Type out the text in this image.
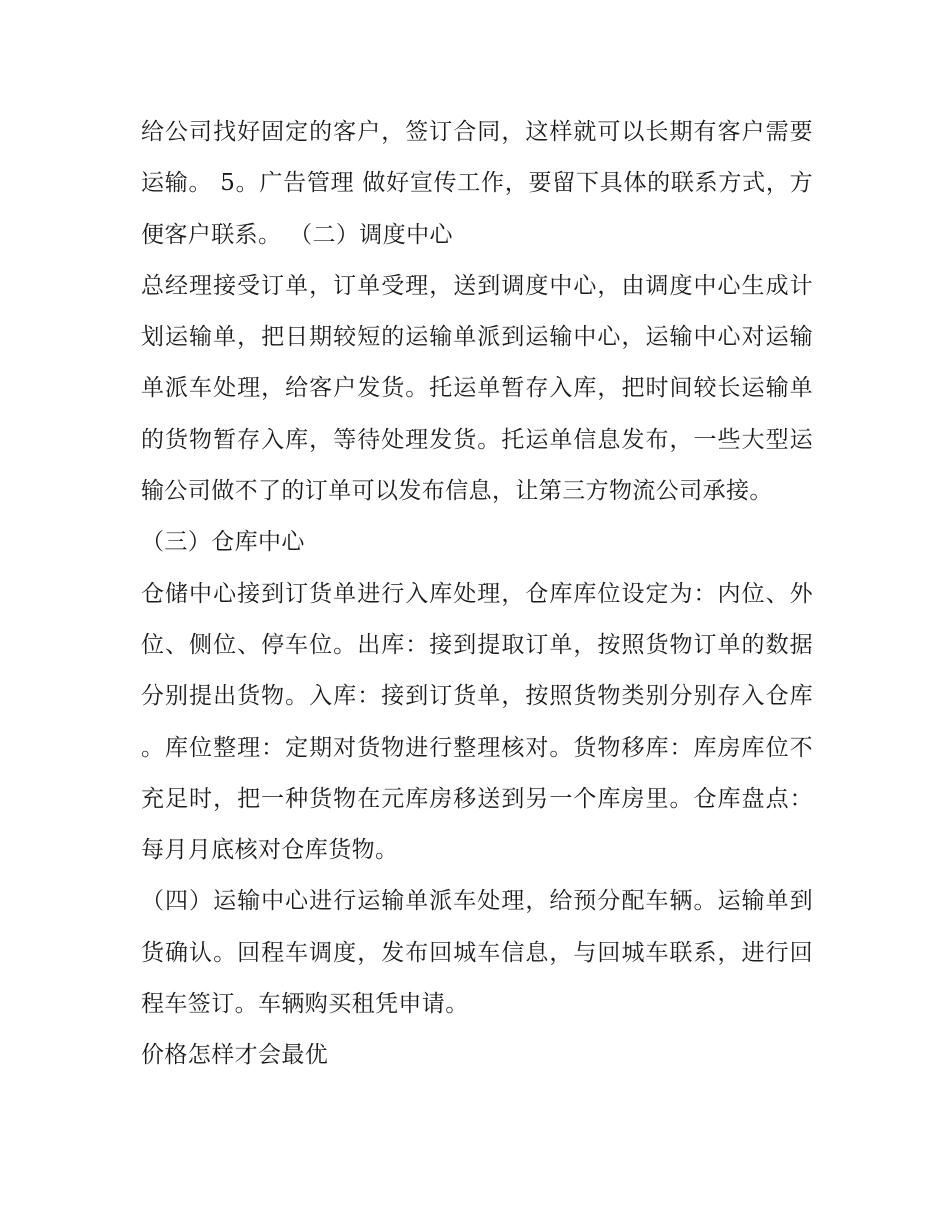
给公司找好固定的客户，签订合同，这样就可以长期有客户需要运输。 5。广告管理 做好宣传工作，要留下具体的联系方式，方便客户联系。 （二）调度中心

总经理接受订单，订单受理，送到调度中心，由调度中心生成计划运输单，把日期较短的运输单派到运输中心，运输中心对运输单派车处理，给客户发货。托运单暂存入库，把时间较长运输单的货物暂存入库，等待处理发货。托运单信息发布，一些大型运输公司做不了的订单可以发布信息，让第三方物流公司承接。

（三）仓库中心

仓储中心接到订货单进行入库处理，仓库库位设定为：内位、外位、侧位、停车位。出库：接到提取订单，按照货物订单的数据分别提出货物。入库：接到订货单，按照货物类别分别存入仓库。库位整理：定期对货物进行整理核对。货物移库：库房库位不充足时，把一种货物在元库房移送到另一个库房里。仓库盘点：每月月底核对仓库货物。

（四）运输中心进行运输单派车处理，给预分配车辆。运输单到货确认。回程车调度，发布回城车信息，与回城车联系，进行回程车签订。车辆购买租凭申请。

价格怎样才会最优
